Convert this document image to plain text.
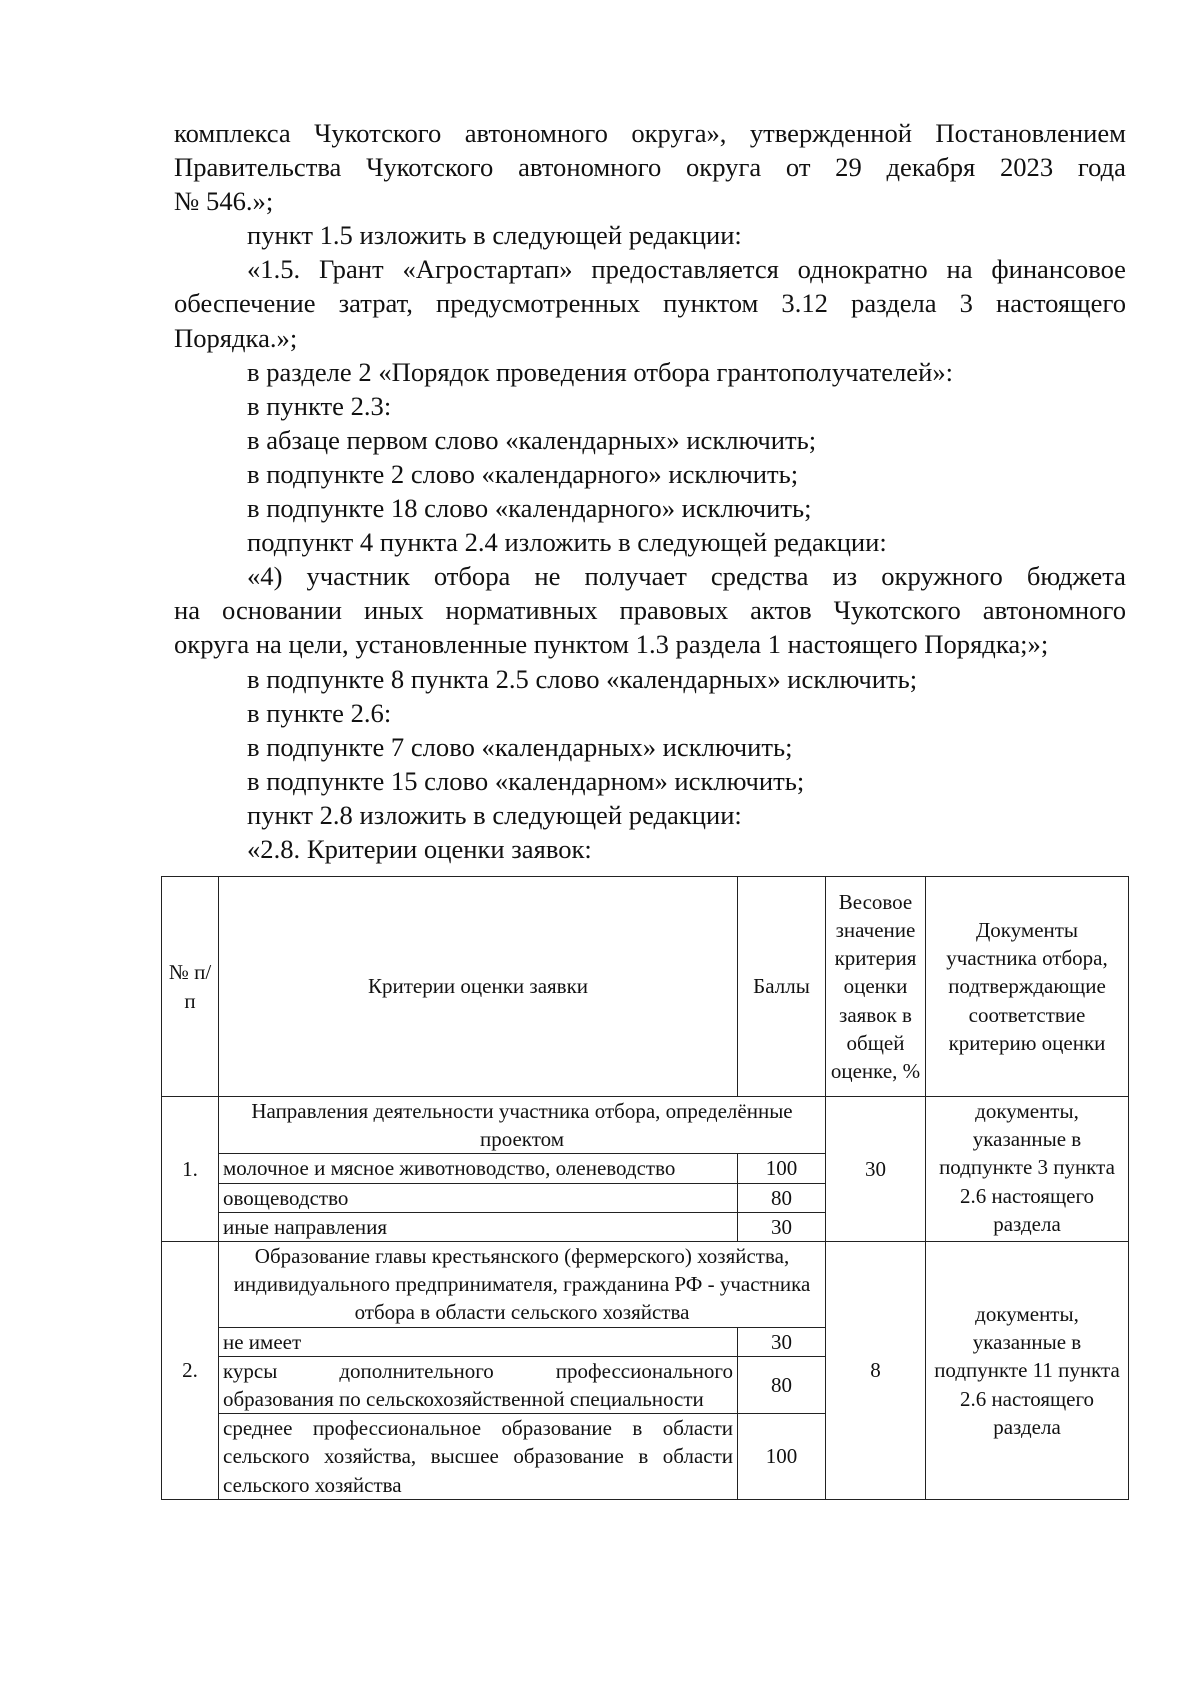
комплекса Чукотского автономного округа», утвержденной Постановлением

Правительства Чукотского автономного округа от 29 декабря 2023 года

№ 546.»;

пункт 1.5 изложить в следующей редакции:

«1.5. Грант «Агростартап» предоставляется однократно на финансовое

обеспечение затрат, предусмотренных пунктом 3.12 раздела 3 настоящего

Порядка.»;

в разделе 2 «Порядок проведения отбора грантополучателей»:

в пункте 2.3:

в абзаце первом слово «календарных» исключить;

в подпункте 2 слово «календарного» исключить;

в подпункте 18 слово «календарного» исключить;

подпункт 4 пункта 2.4 изложить в следующей редакции:

«4) участник отбора не получает средства из окружного бюджета

на основании иных нормативных правовых актов Чукотского автономного

округа на цели, установленные пунктом 1.3 раздела 1 настоящего Порядка;»;

в подпункте 8 пункта 2.5 слово «календарных» исключить;

в пункте 2.6:

в подпункте 7 слово «календарных» исключить;

в подпункте 15 слово «календарном» исключить;

пункт 2.8 изложить в следующей редакции:

«2.8. Критерии оценки заявок:

№ п/п	Критерии оценки заявки	Баллы	Весовое значение критерия оценки заявок в общей оценке, %	Документы участника отбора, подтверждающие соответствие критерию оценки
1.	Направления деятельности участника отбора, определённые проектом		30	документы, указанные в подпункте 3 пункта 2.6 настоящего раздела
	молочное и мясное животноводство, оленеводство	100		
	овощеводство	80		
	иные направления	30		
2.	Образование главы крестьянского (фермерского) хозяйства, индивидуального предпринимателя, гражданина РФ - участника отбора в области сельского хозяйства		8	документы, указанные в подпункте 11 пункта 2.6 настоящего раздела
	не имеет	30		
	курсы дополнительного профессионального образования по сельскохозяйственной специальности	80		
	среднее профессиональное образование в области сельского хозяйства, высшее образование в области сельского хозяйства	100		
